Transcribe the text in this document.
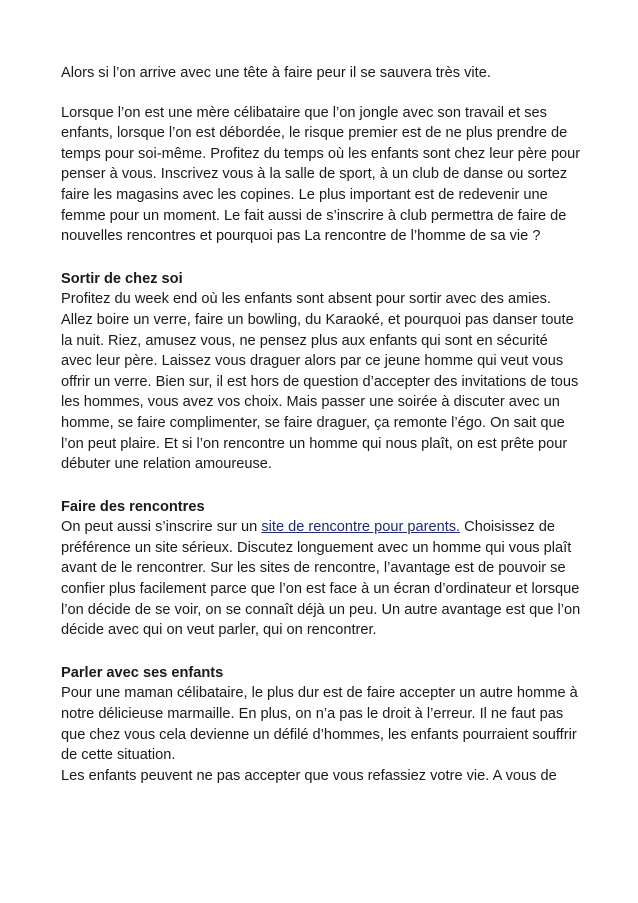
Alors si l’on arrive avec une tête à faire peur il se sauvera très vite.

Lorsque l’on est une mère célibataire que l’on jongle avec son travail et ses enfants, lorsque l’on est débordée, le risque premier est de ne plus prendre de temps pour soi-même. Profitez du temps où les enfants sont chez leur père pour penser à vous. Inscrivez vous à la salle de sport, à un club de danse ou sortez faire les magasins avec les copines. Le plus important est de redevenir une femme pour un moment. Le fait aussi de s’inscrire à club permettra de faire de nouvelles rencontres et pourquoi pas La rencontre de l’homme de sa vie ?

Sortir de chez soi

Profitez du week end où les enfants sont absent pour sortir avec des amies. Allez boire un verre, faire un bowling, du Karaoké, et pourquoi pas danser toute la nuit. Riez, amusez vous, ne pensez plus aux enfants qui sont en sécurité avec leur père. Laissez vous draguer alors par ce jeune homme qui veut vous offrir un verre. Bien sur, il est hors de question d’accepter des invitations de tous les hommes, vous avez vos choix. Mais passer une soirée à discuter avec un homme, se faire complimenter, se faire draguer, ça remonte l’égo. On sait que l’on peut plaire. Et si l’on rencontre un homme qui nous plaît, on est prête pour débuter une relation amoureuse.

Faire des rencontres

On peut aussi s’inscrire sur un site de rencontre pour parents. Choisissez de préférence un site sérieux. Discutez longuement avec un homme qui vous plaît avant de le rencontrer. Sur les sites de rencontre, l’avantage est de pouvoir se confier plus facilement parce que l’on est face à un écran d’ordinateur et lorsque l’on décide de se voir, on se connaît déjà un peu. Un autre avantage est que l’on décide avec qui on veut parler, qui on rencontrer.

Parler avec ses enfants

Pour une maman célibataire, le plus dur est de faire accepter un autre homme à notre délicieuse marmaille. En plus, on n’a pas le droit à l’erreur. Il ne faut pas que chez vous cela devienne un défilé d’hommes, les enfants pourraient souffrir de cette situation.

Les enfants peuvent ne pas accepter que vous refassiez votre vie. A vous de
